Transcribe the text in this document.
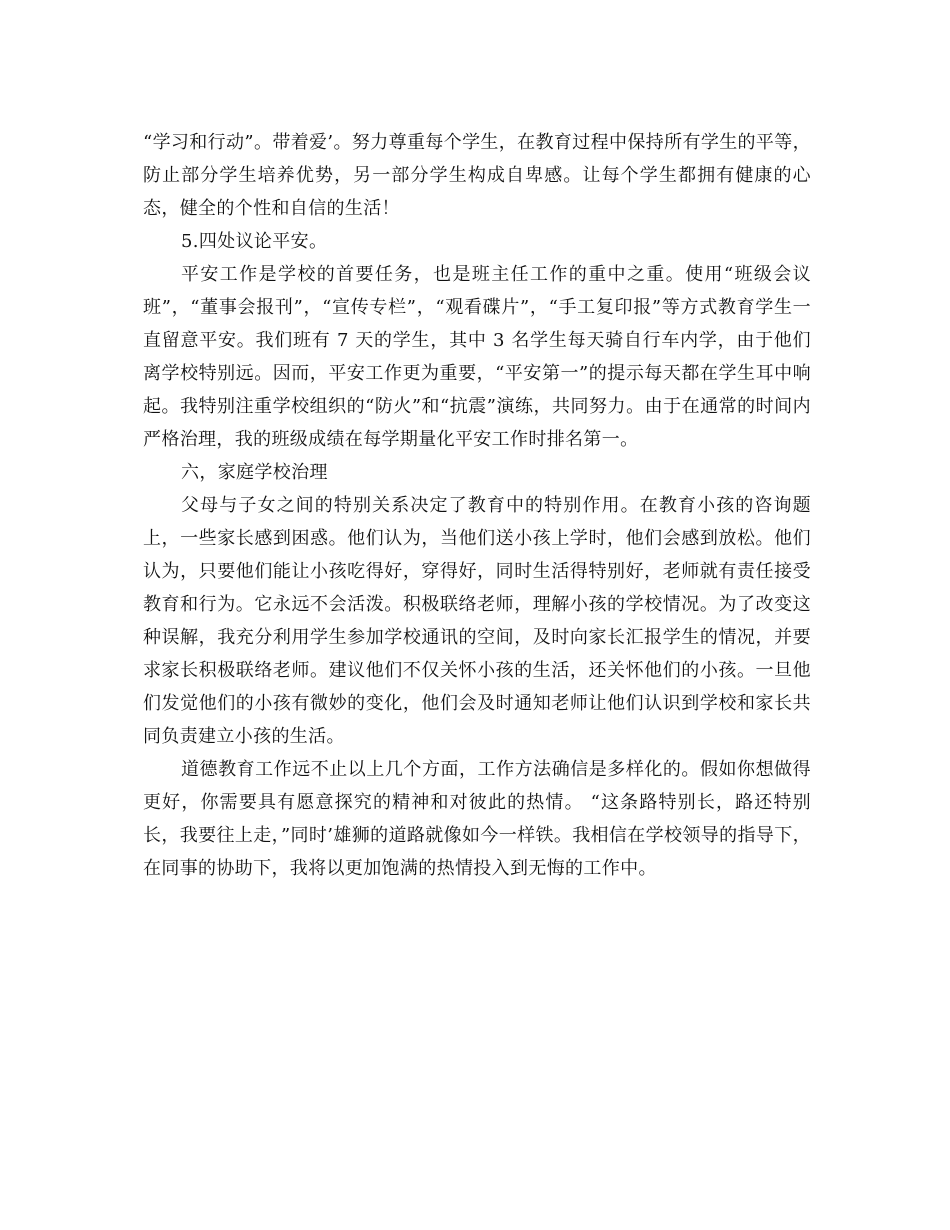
“学习和行动”。带着爱’。努力尊重每个学生，在教育过程中保持所有学生的平等，防止部分学生培养优势，另一部分学生构成自卑感。让每个学生都拥有健康的心态，健全的个性和自信的生活！

5.四处议论平安。

平安工作是学校的首要任务，也是班主任工作的重中之重。使用“班级会议班”，“董事会报刊”，“宣传专栏”，“观看碟片”，“手工复印报”等方式教育学生一直留意平安。我们班有 7 天的学生，其中 3 名学生每天骑自行车内学，由于他们离学校特别远。因而，平安工作更为重要，“平安第一”的提示每天都在学生耳中响起。我特别注重学校组织的“防火”和“抗震”演练，共同努力。由于在通常的时间内严格治理，我的班级成绩在每学期量化平安工作时排名第一。

六，家庭学校治理

父母与子女之间的特别关系决定了教育中的特别作用。在教育小孩的咨询题上，一些家长感到困惑。他们认为，当他们送小孩上学时，他们会感到放松。他们认为，只要他们能让小孩吃得好，穿得好，同时生活得特别好，老师就有责任接受教育和行为。它永远不会活泼。积极联络老师，理解小孩的学校情况。为了改变这种误解，我充分利用学生参加学校通讯的空间，及时向家长汇报学生的情况，并要求家长积极联络老师。建议他们不仅关怀小孩的生活，还关怀他们的小孩。一旦他们发觉他们的小孩有微妙的变化，他们会及时通知老师让他们认识到学校和家长共同负责建立小孩的生活。

道德教育工作远不止以上几个方面，工作方法确信是多样化的。假如你想做得更好，你需要具有愿意探究的精神和对彼此的热情。 “这条路特别长，路还特别长，我要往上走，”同时’雄狮的道路就像如今一样铁。我相信在学校领导的指导下，在同事的协助下，我将以更加饱满的热情投入到无悔的工作中。
